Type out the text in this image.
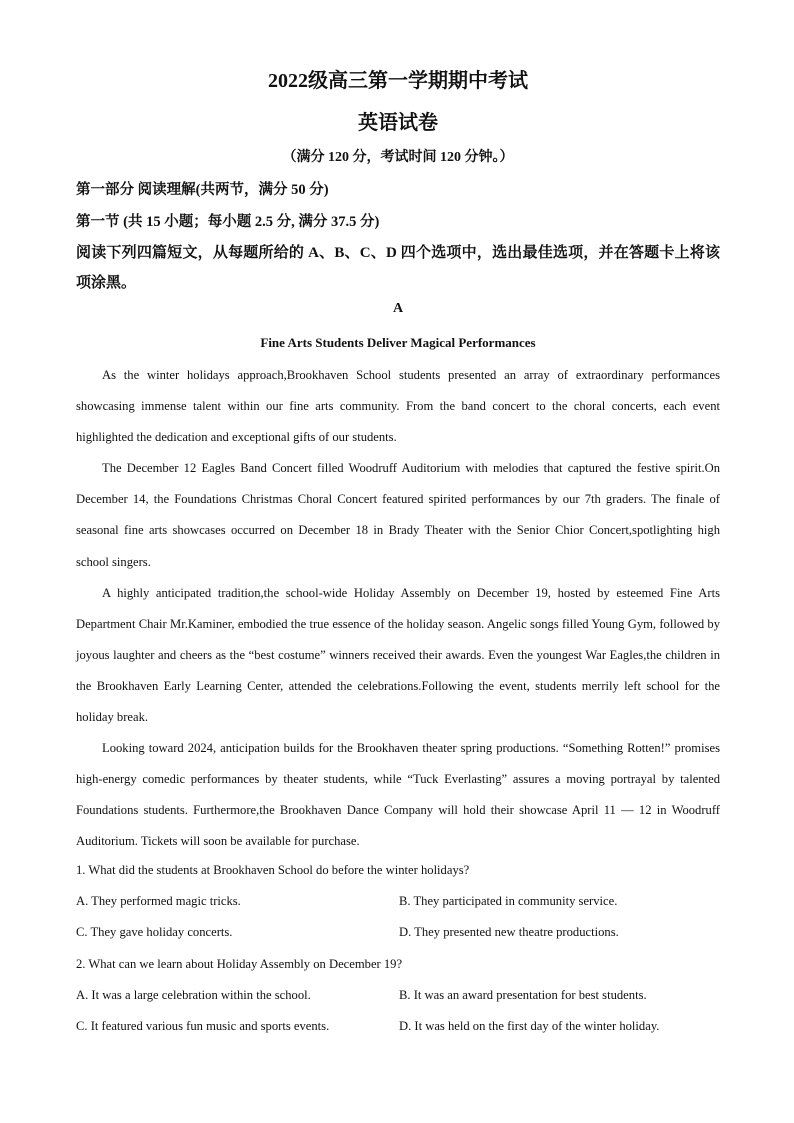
2022级高三第一学期期中考试
英语试卷
（满分 120 分，考试时间 120 分钟。）
第一部分 阅读理解(共两节，满分 50 分)
第一节 (共 15 小题；每小题 2.5 分, 满分 37.5 分)
阅读下列四篇短文，从每题所给的 A、B、C、D 四个选项中，选出最佳选项，并在答题卡上将该项涂黑。
A
Fine Arts Students Deliver Magical Performances

As the winter holidays approach,Brookhaven School students presented an array of extraordinary performances showcasing immense talent within our fine arts community. From the band concert to the choral concerts, each event highlighted the dedication and exceptional gifts of our students.

The December 12 Eagles Band Concert filled Woodruff Auditorium with melodies that captured the festive spirit.On December 14, the Foundations Christmas Choral Concert featured spirited performances by our 7th graders. The finale of seasonal fine arts showcases occurred on December 18 in Brady Theater with the Senior Chior Concert,spotlighting high school singers.

A highly anticipated tradition,the school-wide Holiday Assembly on December 19, hosted by esteemed Fine Arts Department Chair Mr.Kaminer, embodied the true essence of the holiday season. Angelic songs filled Young Gym, followed by joyous laughter and cheers as the “best costume” winners received their awards. Even the youngest War Eagles,the children in the Brookhaven Early Learning Center, attended the celebrations.Following the event, students merrily left school for the holiday break.

Looking toward 2024, anticipation builds for the Brookhaven theater spring productions. “Something Rotten!” promises high-energy comedic performances by theater students, while “Tuck Everlasting” assures a moving portrayal by talented Foundations students. Furthermore,the Brookhaven Dance Company will hold their showcase April 11 — 12 in Woodruff Auditorium. Tickets will soon be available for purchase.

1. What did the students at Brookhaven School do before the winter holidays?
A. They performed magic tricks.	B. They participated in community service.
C. They gave holiday concerts.	D. They presented new theatre productions.
2. What can we learn about Holiday Assembly on December 19?
A. It was a large celebration within the school.	B. It was an award presentation for best students.
C. It featured various fun music and sports events.	D. It was held on the first day of the winter holiday.
